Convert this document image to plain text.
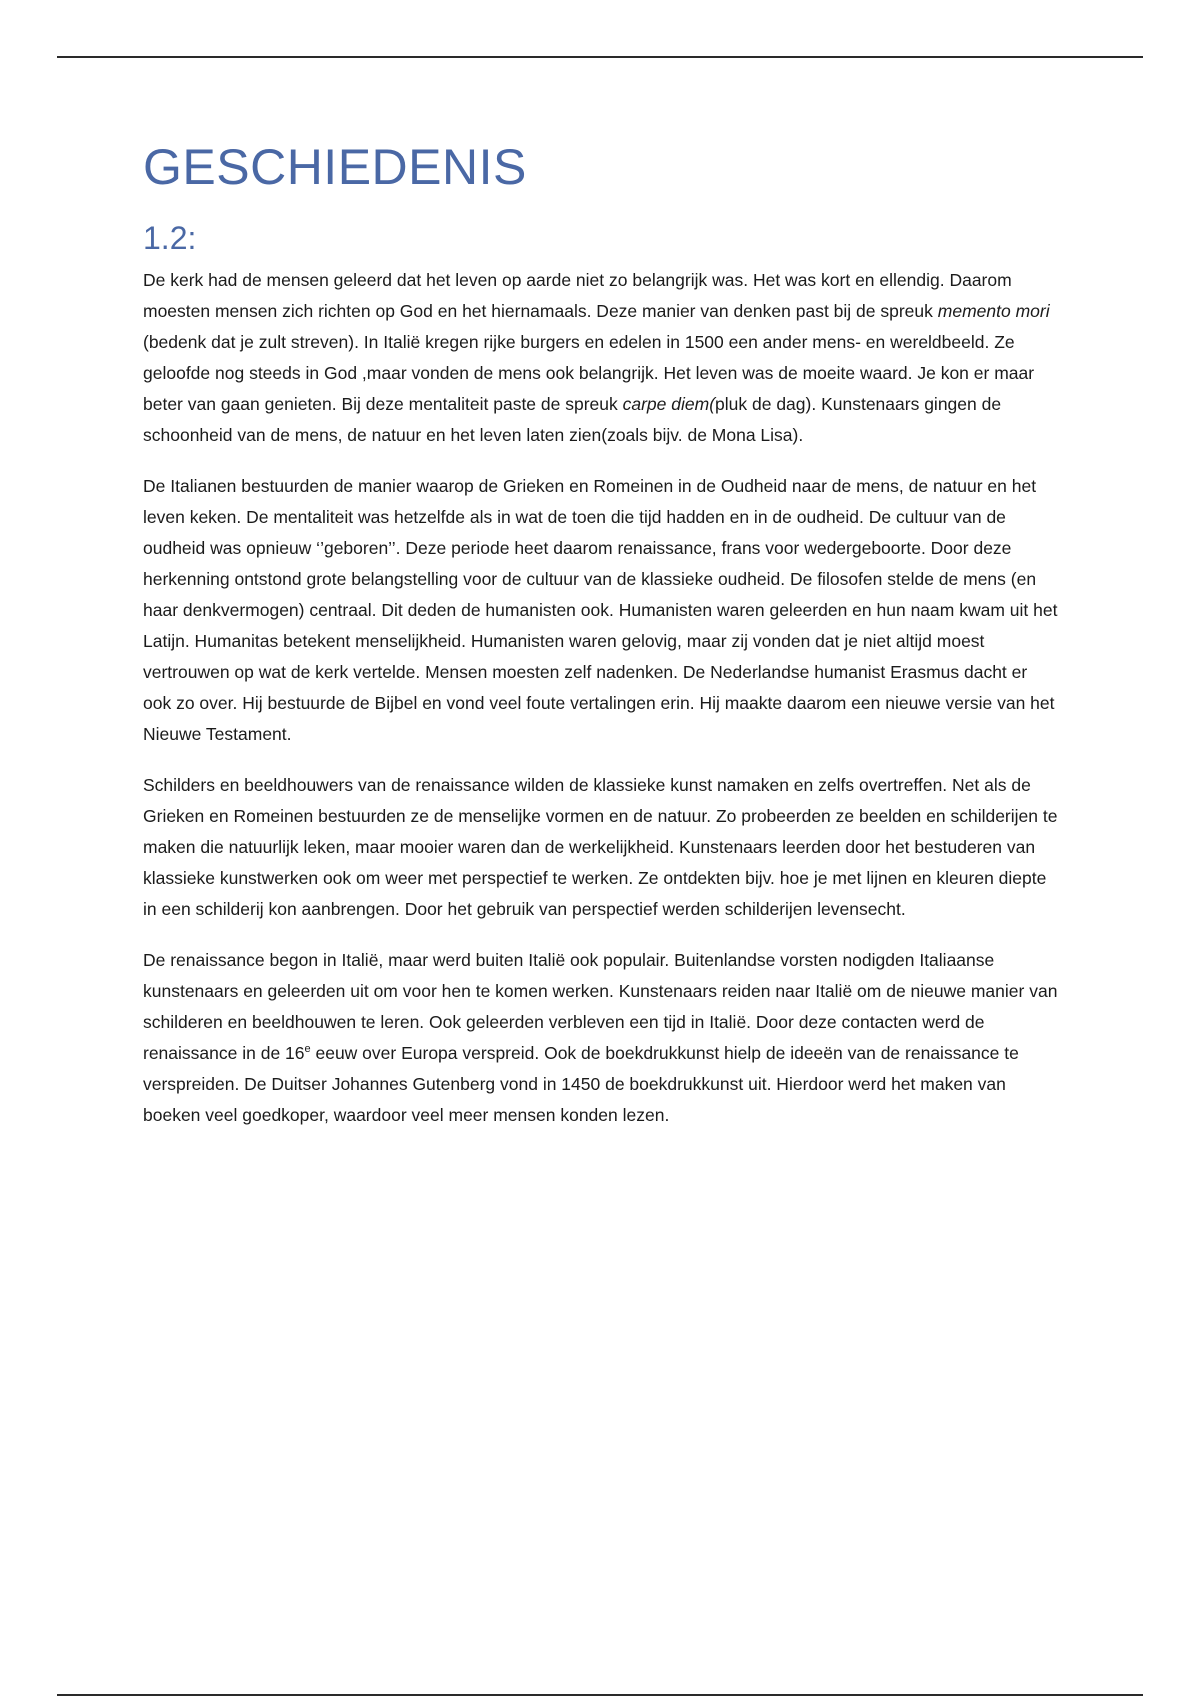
GESCHIEDENIS
1.2:

De kerk had de mensen geleerd dat het leven op aarde niet zo belangrijk was. Het was kort en ellendig. Daarom moesten mensen zich richten op God en het hiernamaals. Deze manier van denken past bij de spreuk memento mori (bedenk dat je zult streven). In Italië kregen rijke burgers en edelen in 1500 een ander mens- en wereldbeeld. Ze geloofde nog steeds in God ,maar vonden de mens ook belangrijk. Het leven was de moeite waard. Je kon er maar beter van gaan genieten. Bij deze mentaliteit paste de spreuk carpe diem(pluk de dag). Kunstenaars gingen de schoonheid van de mens, de natuur en het leven laten zien(zoals bijv. de Mona Lisa).

De Italianen bestuurden de manier waarop de Grieken en Romeinen in de Oudheid naar de mens, de natuur en het leven keken. De mentaliteit was hetzelfde als in wat de toen die tijd hadden en in de oudheid. De cultuur van de oudheid was opnieuw ‘’geboren’’. Deze periode heet daarom renaissance, frans voor wedergeboorte. Door deze herkenning ontstond grote belangstelling voor de cultuur van de klassieke oudheid. De filosofen stelde de mens (en haar denkvermogen) centraal. Dit deden de humanisten ook. Humanisten waren geleerden en hun naam kwam uit het Latijn. Humanitas betekent menselijkheid. Humanisten waren gelovig, maar zij vonden dat je niet altijd moest vertrouwen op wat de kerk vertelde. Mensen moesten zelf nadenken. De Nederlandse humanist Erasmus dacht er ook zo over. Hij bestuurde de Bijbel en vond veel foute vertalingen erin. Hij maakte daarom een nieuwe versie van het Nieuwe Testament.

Schilders en beeldhouwers van de renaissance wilden de klassieke kunst namaken en zelfs overtreffen. Net als de Grieken en Romeinen bestuurden ze de menselijke vormen en de natuur. Zo probeerden ze beelden en schilderijen te maken die natuurlijk leken, maar mooier waren dan de werkelijkheid. Kunstenaars leerden door het bestuderen van klassieke kunstwerken ook om weer met perspectief te werken. Ze ontdekten bijv. hoe je met lijnen en kleuren diepte in een schilderij kon aanbrengen. Door het gebruik van perspectief werden schilderijen levensecht.

De renaissance begon in Italië, maar werd buiten Italië ook populair. Buitenlandse vorsten nodigden Italiaanse kunstenaars en geleerden uit om voor hen te komen werken. Kunstenaars reiden naar Italië om de nieuwe manier van schilderen en beeldhouwen te leren. Ook geleerden verbleven een tijd in Italië. Door deze contacten werd de renaissance in de 16e eeuw over Europa verspreid. Ook de boekdrukkunst hielp de ideeën van de renaissance te verspreiden. De Duitser Johannes Gutenberg vond in 1450 de boekdrukkunst uit. Hierdoor werd het maken van boeken veel goedkoper, waardoor veel meer mensen konden lezen.
